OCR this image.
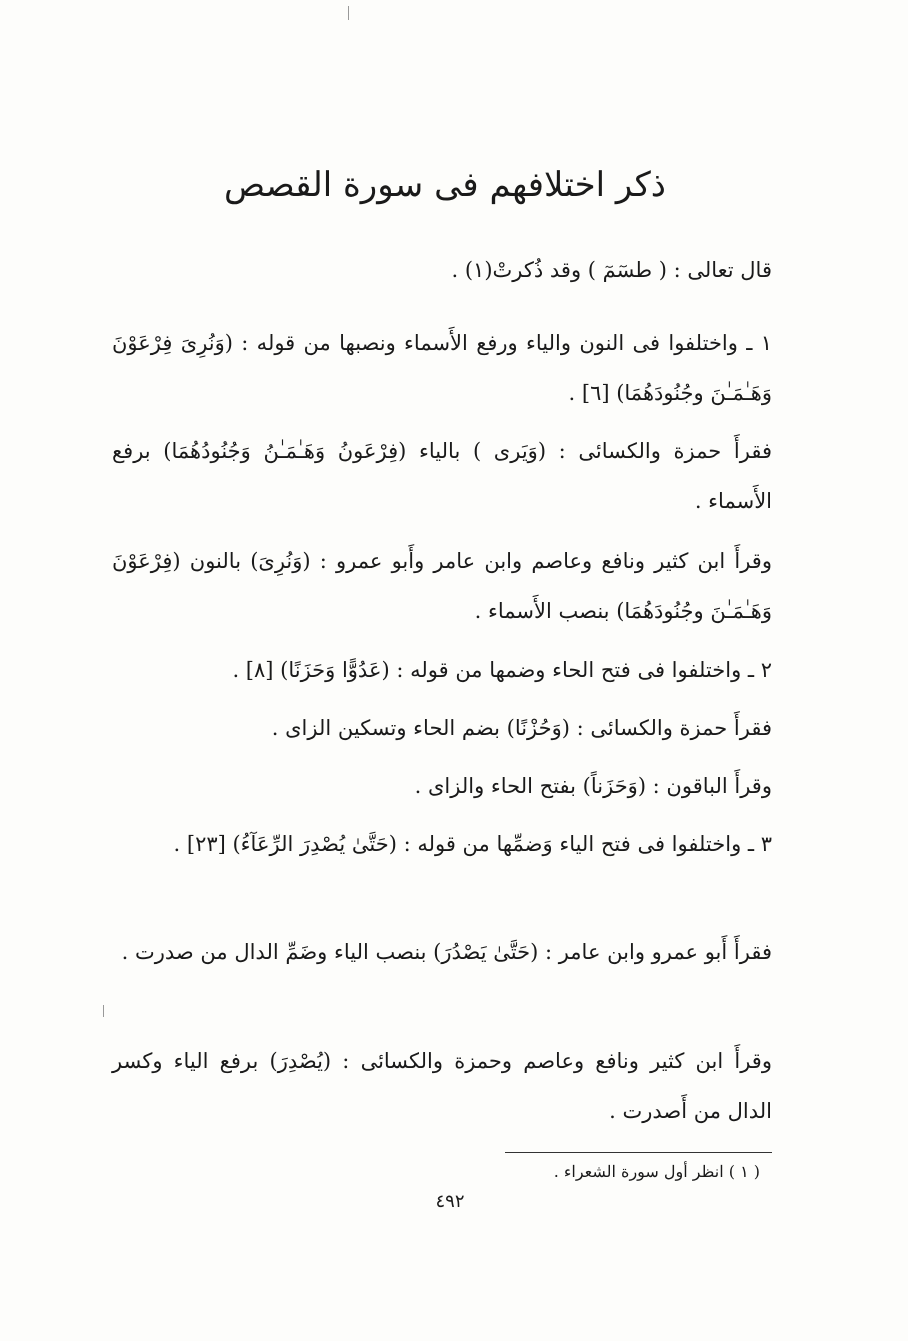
ذكر اختلافهم فى سورة القصص
قال تعالى : ( طسٓمٓ ) وقد ذُكرتْ(١) .
١ ـ واختلفوا فى النون والياء ورفع الأَسماء ونصبها من قوله : (وَنُرِىَ فِرْعَوْنَ وَهَـٰمَـٰنَ وجُنُودَهُمَا) [٦] .
فقرأَ حمزة والكسائى : (وَيَرى ) بالياء (فِرْعَونُ وَهَـٰمَـٰنُ وَجُنُودُهُمَا) برفع الأَسماء .
وقرأَ ابن كثير ونافع وعاصم وابن عامر وأَبو عمرو : (وَنُرِىَ) بالنون (فِرْعَوْنَ وَهَـٰمَـٰنَ وجُنُودَهُمَا) بنصب الأَسماء .
٢ ـ واختلفوا فى فتح الحاء وضمها من قوله : (عَدُوًّا وَحَزَنًا) [٨] .
فقرأَ حمزة والكسائى : (وَحُزْنًا) بضم الحاء وتسكين الزاى .
وقرأَ الباقون : (وَحَزَناً) بفتح الحاء والزاى .
٣ ـ واختلفوا فى فتح الياء وَضمِّها من قوله : (حَتَّىٰ يُصْدِرَ الرِّعَآءُ) [٢٣] .
فقرأَ أَبو عمرو وابن عامر : (حَتَّىٰ يَصْدُرَ) بنصب الياء وضَمِّ الدال من صدرت .
وقرأَ ابن كثير ونافع وعاصم وحمزة والكسائى : (يُصْدِرَ) برفع الياء وكسر الدال من أَصدرت .
( ١ ) انظر أول سورة الشعراء .
٤٩٢
